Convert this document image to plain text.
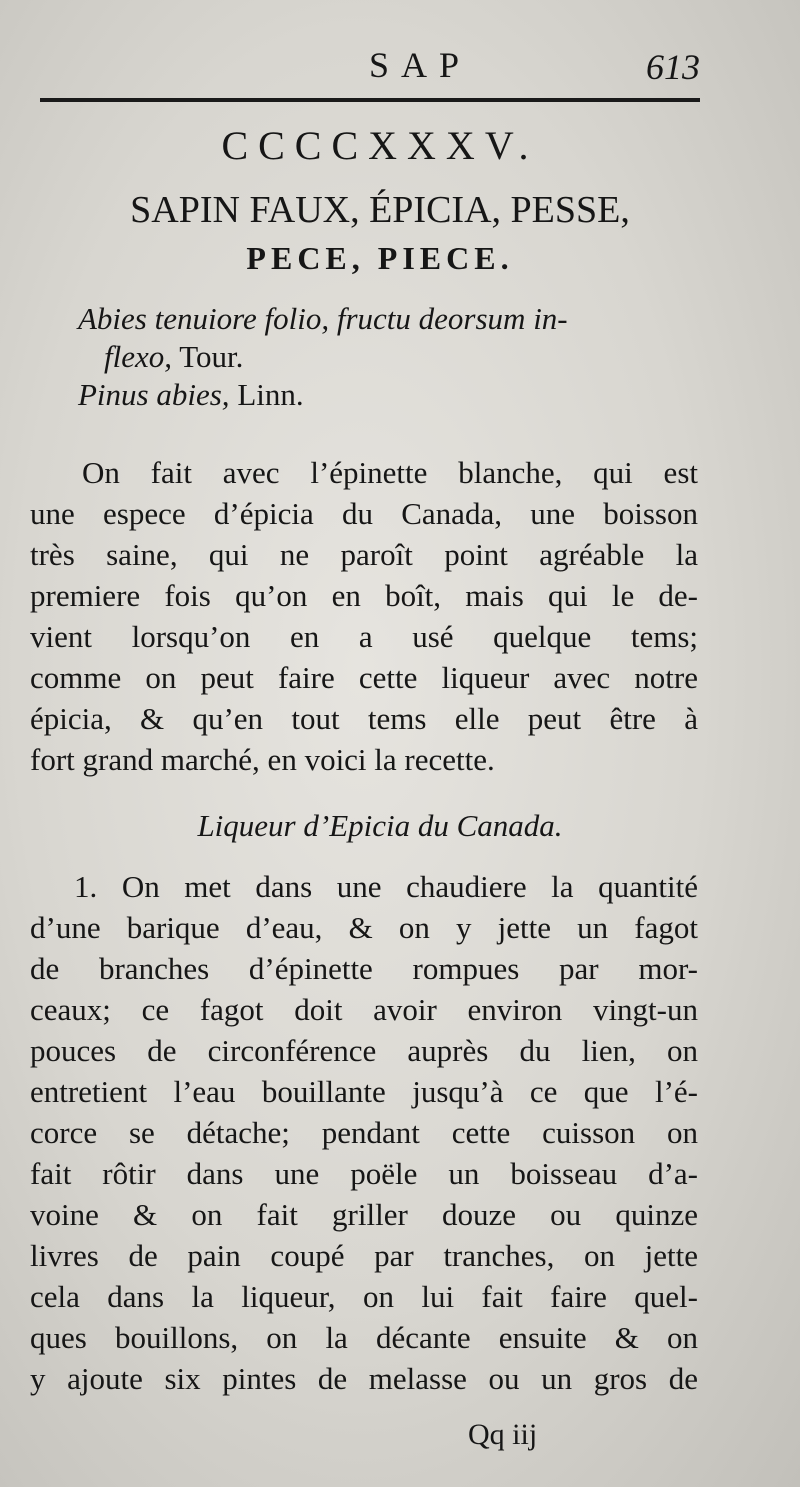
SAP	613
CCCCXXXV.
SAPIN FAUX, ÉPICIA, PESSE,
PECE, PIECE.
Abies tenuiore folio, fructu deorsum in-
flexo, Tour.
Pinus abies, Linn.
On fait avec l’épinette blanche, qui est
une espece d’épicia du Canada, une boisson
très saine, qui ne paroît point agréable la
premiere fois qu’on en boît, mais qui le de-
vient lorsqu’on en a usé quelque tems;
comme on peut faire cette liqueur avec notre
épicia, & qu’en tout tems elle peut être à
fort grand marché, en voici la recette.
Liqueur d’Epicia du Canada.
1. On met dans une chaudiere la quantité
d’une barique d’eau, & on y jette un fagot
de branches d’épinette rompues par mor-
ceaux; ce fagot doit avoir environ vingt-un
pouces de circonférence auprès du lien, on
entretient l’eau bouillante jusqu’à ce que l’é-
corce se détache; pendant cette cuisson on
fait rôtir dans une poële un boisseau d’a-
voine & on fait griller douze ou quinze
livres de pain coupé par tranches, on jette
cela dans la liqueur, on lui fait faire quel-
ques bouillons, on la décante ensuite & on
y ajoute six pintes de melasse ou un gros de
Qq iij
